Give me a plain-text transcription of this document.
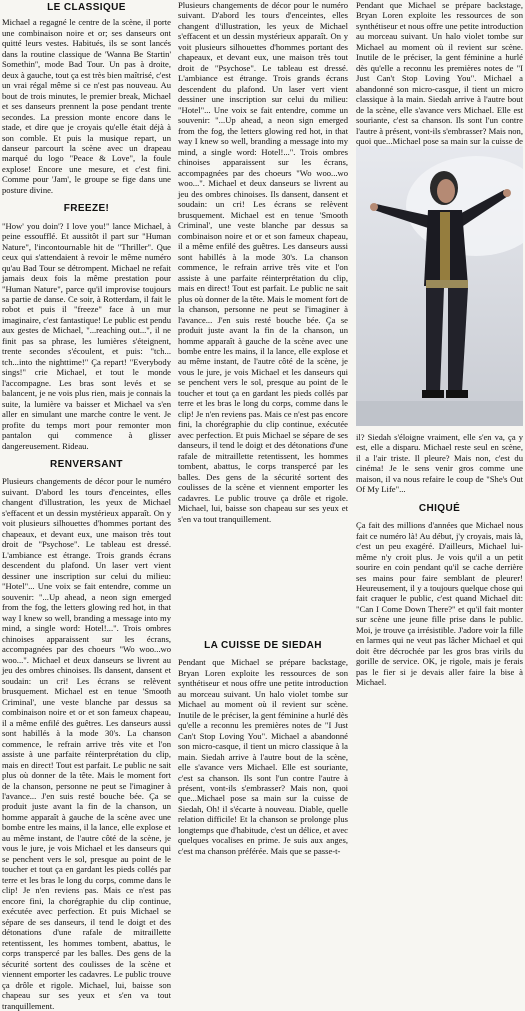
LE CLASSIQUE

Michael a regagné le centre de la scène, il porte une combinaison noire et or; ses danseurs ont quitté leurs vestes. Habitués, ils se sont lancés dans la routine classique de 'Wanna Be Startin' Somethin'', mode Bad Tour. Un pas à droite, deux à gauche, tout ça est très bien maîtrisé, c'est un vrai régal même si ce n'est pas nouveau. Au bout de trois minutes, le premier break, Michael et ses danseurs prennent la pose pendant trente secondes. La pression monte encore dans le stade, et dire que je croyais qu'elle était déjà à son comble. Et puis la musique repart, un danseur parcourt la scène avec un drapeau marqué du logo "Peace & Love", la foule explose! Encore une mesure, et c'est fini. Comme pour 'Jam', le groupe se fige dans une posture divine.

FREEZE!

"How' you doin'? I love you!" lance Michael, à peine essoufflé. Et aussitôt il part sur "Human Nature", l'incontournable hit de "Thriller". Que ceux qui s'attendaient à revoir le même numéro qu'au Bad Tour se détrompent. Michael ne refait jamais deux fois la même prestation pour "Human Nature", parce qu'il improvise toujours sa partie de danse. Ce soir, à Rotterdam, il fait le robot et puis il "freeze" face à un mur imaginaire, c'est fantastique! Le public est pendu aux gestes de Michael, "...reaching out...", il ne finit pas sa phrase, les lumières s'éteignent, trente secondes s'écoulent, et puis: "tch... tch...into the nighttime!" Ça repart! "Everybody sings!" crie Michael, et tout le monde l'accompagne. Les bras sont levés et se balancent, je ne vois plus rien, mais je connais la suite, la lumière va baisser et Michael va s'en aller en simulant une marche contre le vent. Je profite du temps mort pour remonter mon pantalon qui commence à glisser dangereusement. Rideau.

RENVERSANT

Plusieurs changements de décor pour le numéro suivant. D'abord les tours d'enceintes, elles changent d'illustration, les yeux de Michael s'effacent et un dessin mystérieux apparaît. On y voit plusieurs silhouettes d'hommes portant des chapeaux, et devant eux, une maison très tout droit de "Psychose". Le tableau est dressé. L'ambiance est étrange. Trois grands écrans descendent du plafond. Un laser vert vient dessiner une inscription sur celui du milieu: "Hotel"... Une voix se fait entendre, comme un souvenir: "...Up ahead, a neon sign emerged from the fog, the letters glowing red hot, in that way I knew so well, branding a message into my mind, a single word: Hotel!...". Trois ombres chinoises apparaissent sur les écrans, accompagnées par des choeurs "Wo woo...wo woo...". Michael et deux danseurs se livrent au jeu des ombres chinoises. Ils dansent, dansent et soudain: un cri! Les écrans se relèvent brusquement. Michael est en tenue 'Smooth Criminal', une veste blanche par dessus sa combinaison noire et or et son fameux chapeau, il a même enfilé des guêtres. Les danseurs aussi sont habillés à la mode 30's. La chanson commence, le refrain arrive très vite et l'on assiste à une parfaite réinterprétation du clip, mais en direct! Tout est parfait. Le public ne sait plus où donner de la tête. Mais le moment fort de la chanson, personne ne peut se l'imaginer à l'avance... J'en suis resté bouche bée. Ça se produit juste avant la fin de la chanson, un homme apparaît à gauche de la scène avec une bombe entre les mains, il la lance, elle explose et au même instant, de l'autre côté de la scène, je vous le jure, je vois Michael et les danseurs qui se penchent vers le sol, presque au point de le toucher et tout ça en gardant les pieds collés par terre et les bras le long du corps, comme dans le clip! Je n'en reviens pas. Mais ce n'est pas encore fini, la chorégraphie du clip continue, exécutée avec perfection. Et puis Michael se sépare de ses danseurs, il tend le doigt et des détonations d'une rafale de mitraillette retentissent, les hommes tombent, abattus, le corps transpercé par les balles. Des gens de la sécurité sortent des coulisses de la scène et viennent emporter les cadavres. Le public trouve ça drôle et rigole. Michael, lui, baisse son chapeau sur ses yeux et s'en va tout tranquillement.

Plusieurs changements de décor pour le numéro suivant. D'abord les tours d'enceintes, elles changent d'illustration, les yeux de Michael s'effacent et un dessin mystérieux apparaît. On y voit plusieurs silhouettes d'hommes portant des chapeaux, et devant eux, une maison très tout droit de "Psychose". Le tableau est dressé. L'ambiance est étrange. Trois grands écrans descendent du plafond. Un laser vert vient dessiner une inscription sur celui du milieu: "Hotel"... Une voix se fait entendre, comme un souvenir: "...Up ahead, a neon sign emerged from the fog, the letters glowing red hot, in that way I knew so well, branding a message into my mind, a single word: Hotel!...". Trois ombres chinoises apparaissent sur les écrans, accompagnées par des choeurs "Wo woo...wo woo...". Michael et deux danseurs se livrent au jeu des ombres chinoises. Ils dansent, dansent et soudain: un cri! Les écrans se relèvent brusquement. Michael est en tenue 'Smooth Criminal', une veste blanche par dessus sa combinaison noire et or et son fameux chapeau, il a même enfilé des guêtres. Les danseurs aussi sont habillés à la mode 30's. La chanson commence, le refrain arrive très vite et l'on assiste à une parfaite réinterprétation du clip, mais en direct! Tout est parfait. Le public ne sait plus où donner de la tête. Mais le moment fort de la chanson, personne ne peut se l'imaginer à l'avance... J'en suis resté bouche bée. Ça se produit juste avant la fin de la chanson, un homme apparaît à gauche de la scène avec une bombe entre les mains, il la lance, elle explose et au même instant, de l'autre côté de la scène, je vous le jure, je vois Michael et les danseurs qui se penchent vers le sol, presque au point de le toucher et tout ça en gardant les pieds collés par terre et les bras le long du corps, comme dans le clip! Je n'en reviens pas. Mais ce n'est pas encore fini, la chorégraphie du clip continue, exécutée avec perfection. Et puis Michael se sépare de ses danseurs, il tend le doigt et des détonations d'une rafale de mitraillette retentissent, les hommes tombent, abattus, le corps transpercé par les balles. Des gens de la sécurité sortent des coulisses de la scène et viennent emporter les cadavres. Le public trouve ça drôle et rigole. Michael, lui, baisse son chapeau sur ses yeux et s'en va tout tranquillement.

LA CUISSE DE SIEDAH

Pendant que Michael se prépare backstage, Bryan Loren exploite les ressources de son synthétiseur et nous offre une petite introduction au morceau suivant. Un halo violet tombe sur Michael au moment où il revient sur scène. Inutile de le préciser, la gent féminine a hurlé dès qu'elle a reconnu les premières notes de "I Just Can't Stop Loving You". Michael a abandonné son micro-casque, il tient un micro classique à la main. Siedah arrive à l'autre bout de la scène, elle s'avance vers Michael. Elle est souriante, c'est sa chanson. Ils sont l'un contre l'autre à présent, vont-ils s'embrasser? Mais non, quoi que...Michael pose sa main sur la cuisse de Siedah, Oh! il s'écarte à nouveau. Diable, quelle relation difficile! Et la chanson se prolonge plus longtemps que d'habitude, c'est un délice, et avec quelques vocalises en prime. Je suis aux anges, c'est ma chanson préférée. Mais que se passe-t-

Pendant que Michael se prépare backstage, Bryan Loren exploite les ressources de son synthétiseur et nous offre une petite introduction au morceau suivant. Un halo violet tombe sur Michael au moment où il revient sur scène. Inutile de le préciser, la gent féminine a hurlé dès qu'elle a reconnu les premières notes de "I Just Can't Stop Loving You". Michael a abandonné son micro-casque, il tient un micro classique à la main. Siedah arrive à l'autre bout de la scène, elle s'avance vers Michael. Elle est souriante, c'est sa chanson. Ils sont l'un contre l'autre à présent, vont-ils s'embrasser? Mais non, quoi que...Michael pose sa main sur la cuisse de

il? Siedah s'éloigne vraiment, elle s'en va, ça y est, elle a disparu. Michael reste seul en scène, il a l'air triste. Il pleure? Mais non, c'est du cinéma! Je le sens venir gros comme une maison, il va nous refaire le coup de "She's Out Of My Life"...

CHIQUÉ

Ça fait des millions d'années que Michael nous fait ce numéro là! Au début, j'y croyais, mais là, c'est un peu exagéré. D'ailleurs, Michael lui-même n'y croit plus. Je vois qu'il a un petit sourire en coin pendant qu'il se cache derrière ses mains pour faire semblant de pleurer! Heureusement, il y a toujours quelque chose qui fait craquer le public, c'est quand Michael dit: "Can I Come Down There?" et qu'il fait monter sur scène une jeune fille prise dans le public. Moi, je trouve ça irrésistible. J'adore voir la fille en larmes qui ne veut pas lâcher Michael et qui doit être décrochée par les gros bras virils du gorille de service. OK, je rigole, mais je ferais pas le fier si je devais aller faire la bise à Michael.
